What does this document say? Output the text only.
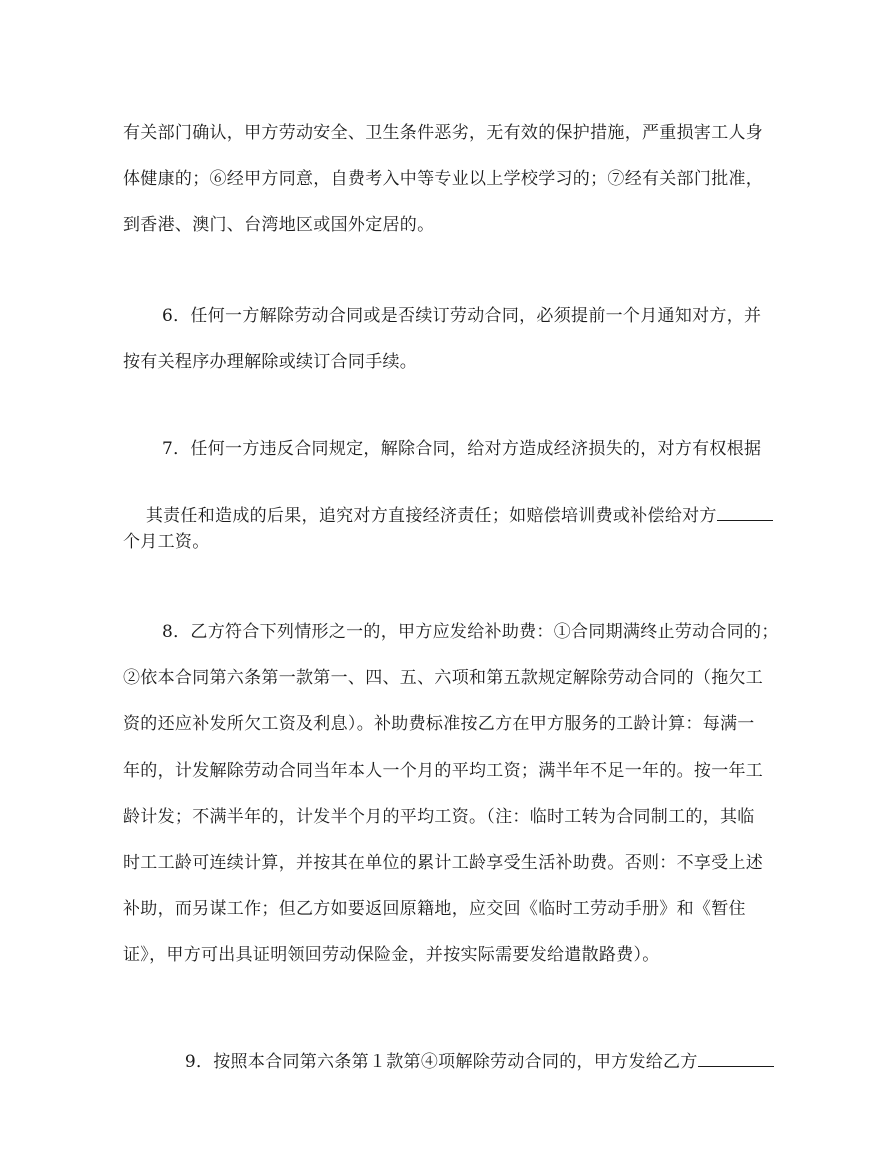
有关部门确认，甲方劳动安全、卫生条件恶劣，无有效的保护措施，严重损害工人身
体健康的；⑥经甲方同意，自费考入中等专业以上学校学习的；⑦经有关部门批准，
到香港、澳门、台湾地区或国外定居的。
6．任何一方解除劳动合同或是否续订劳动合同，必须提前一个月通知对方，并
按有关程序办理解除或续订合同手续。
7．任何一方违反合同规定，解除合同，给对方造成经济损失的，对方有权根据

其责任和造成的后果，追究对方直接经济责任；如赔偿培训费或补偿给对方

个月工资。
8．乙方符合下列情形之一的，甲方应发给补助费：①合同期满终止劳动合同的；
②依本合同第六条第一款第一、四、五、六项和第五款规定解除劳动合同的（拖欠工
资的还应补发所欠工资及利息）。补助费标准按乙方在甲方服务的工龄计算：每满一
年的，计发解除劳动合同当年本人一个月的平均工资；满半年不足一年的。按一年工
龄计发；不满半年的，计发半个月的平均工资。（注：临时工转为合同制工的，其临
时工工龄可连续计算，并按其在单位的累计工龄享受生活补助费。否则：不享受上述
补助，而另谋工作；但乙方如要返回原籍地，应交回《临时工劳动手册》和《暂住
证》，甲方可出具证明领回劳动保险金，并按实际需要发给遣散路费）。

9．按照本合同第六条第１款第④项解除劳动合同的，甲方发给乙方
